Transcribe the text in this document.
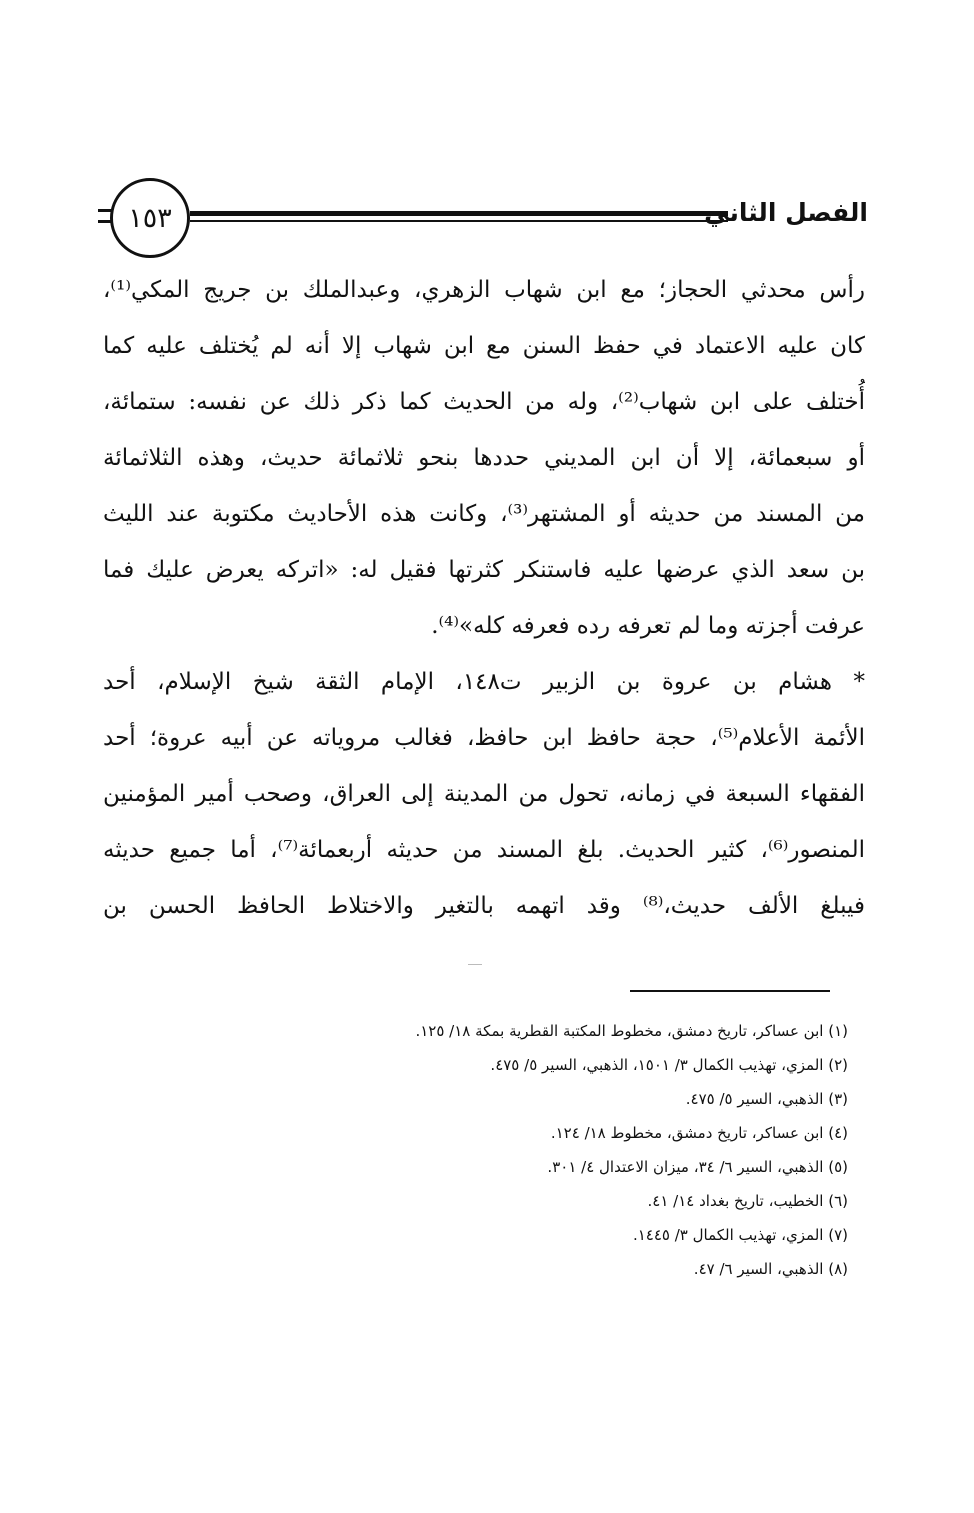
١٥٣	الفصل الثاني
رأس محدثي الحجاز؛ مع ابن شهاب الزهري، وعبدالملك بن جريج المكي⁽¹⁾،
كان عليه الاعتماد في حفظ السنن مع ابن شهاب إلا أنه لم يُختلف عليه كما
أُختلف على ابن شهاب⁽²⁾، وله من الحديث كما ذكر ذلك عن نفسه: ستمائة،
أو سبعمائة، إلا أن ابن المديني حددها بنحو ثلاثمائة حديث، وهذه الثلاثمائة
من المسند من حديثه أو المشتهر⁽³⁾، وكانت هذه الأحاديث مكتوبة عند الليث
بن سعد الذي عرضها عليه فاستنكر كثرتها فقيل له: «اتركه يعرض عليك فما
عرفت أجزته وما لم تعرفه رده فعرفه كله»⁽⁴⁾.
* هشام بن عروة بن الزبير ت١٤٨، الإمام الثقة شيخ الإسلام، أحد
الأئمة الأعلام⁽⁵⁾، حجة حافظ ابن حافظ، فغالب مروياته عن أبيه عروة؛ أحد
الفقهاء السبعة في زمانه، تحول من المدينة إلى العراق، وصحب أمير المؤمنين
المنصور⁽⁶⁾، كثير الحديث. بلغ المسند من حديثه أربعمائة⁽⁷⁾، أما جميع حديثه
فيبلغ الألف حديث،⁽⁸⁾ وقد اتهمه بالتغير والاختلاط الحافظ الحسن بن
(١) ابن عساكر، تاريخ دمشق، مخطوط المكتبة القطرية بمكة ١٨/ ١٢٥.
(٢) المزي، تهذيب الكمال ٣/ ١٥٠١، الذهبي، السير ٥/ ٤٧٥.
(٣) الذهبي، السير ٥/ ٤٧٥.
(٤) ابن عساكر، تاريخ دمشق، مخطوط ١٨/ ١٢٤.
(٥) الذهبي، السير ٦/ ٣٤، ميزان الاعتدال ٤/ ٣٠١.
(٦) الخطيب، تاريخ بغداد ١٤/ ٤١.
(٧) المزي، تهذيب الكمال ٣/ ١٤٤٥.
(٨) الذهبي، السير ٦/ ٤٧.
